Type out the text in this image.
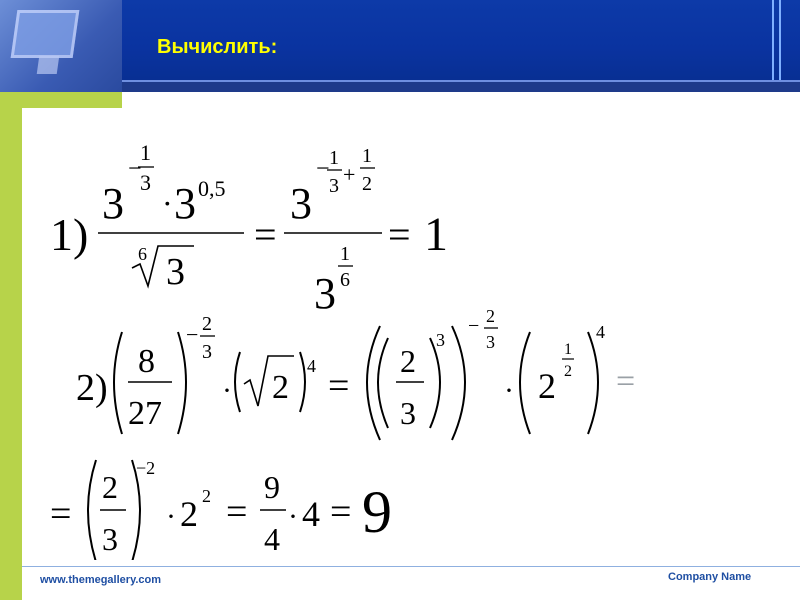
Вычислить:
1)
3
−
1
3
· 3 0,5
6 3
=
3
− 1
3 +
1
2
3
1
6
= 1
2)
8
27
− 2
3
· 2
4 =
2
3
3
− 2
3
· 2
1
2
4
=
=
2
3
−2
· 2 2 =
9
4
· 4 = 9
www.themegallery.com	Company Name
